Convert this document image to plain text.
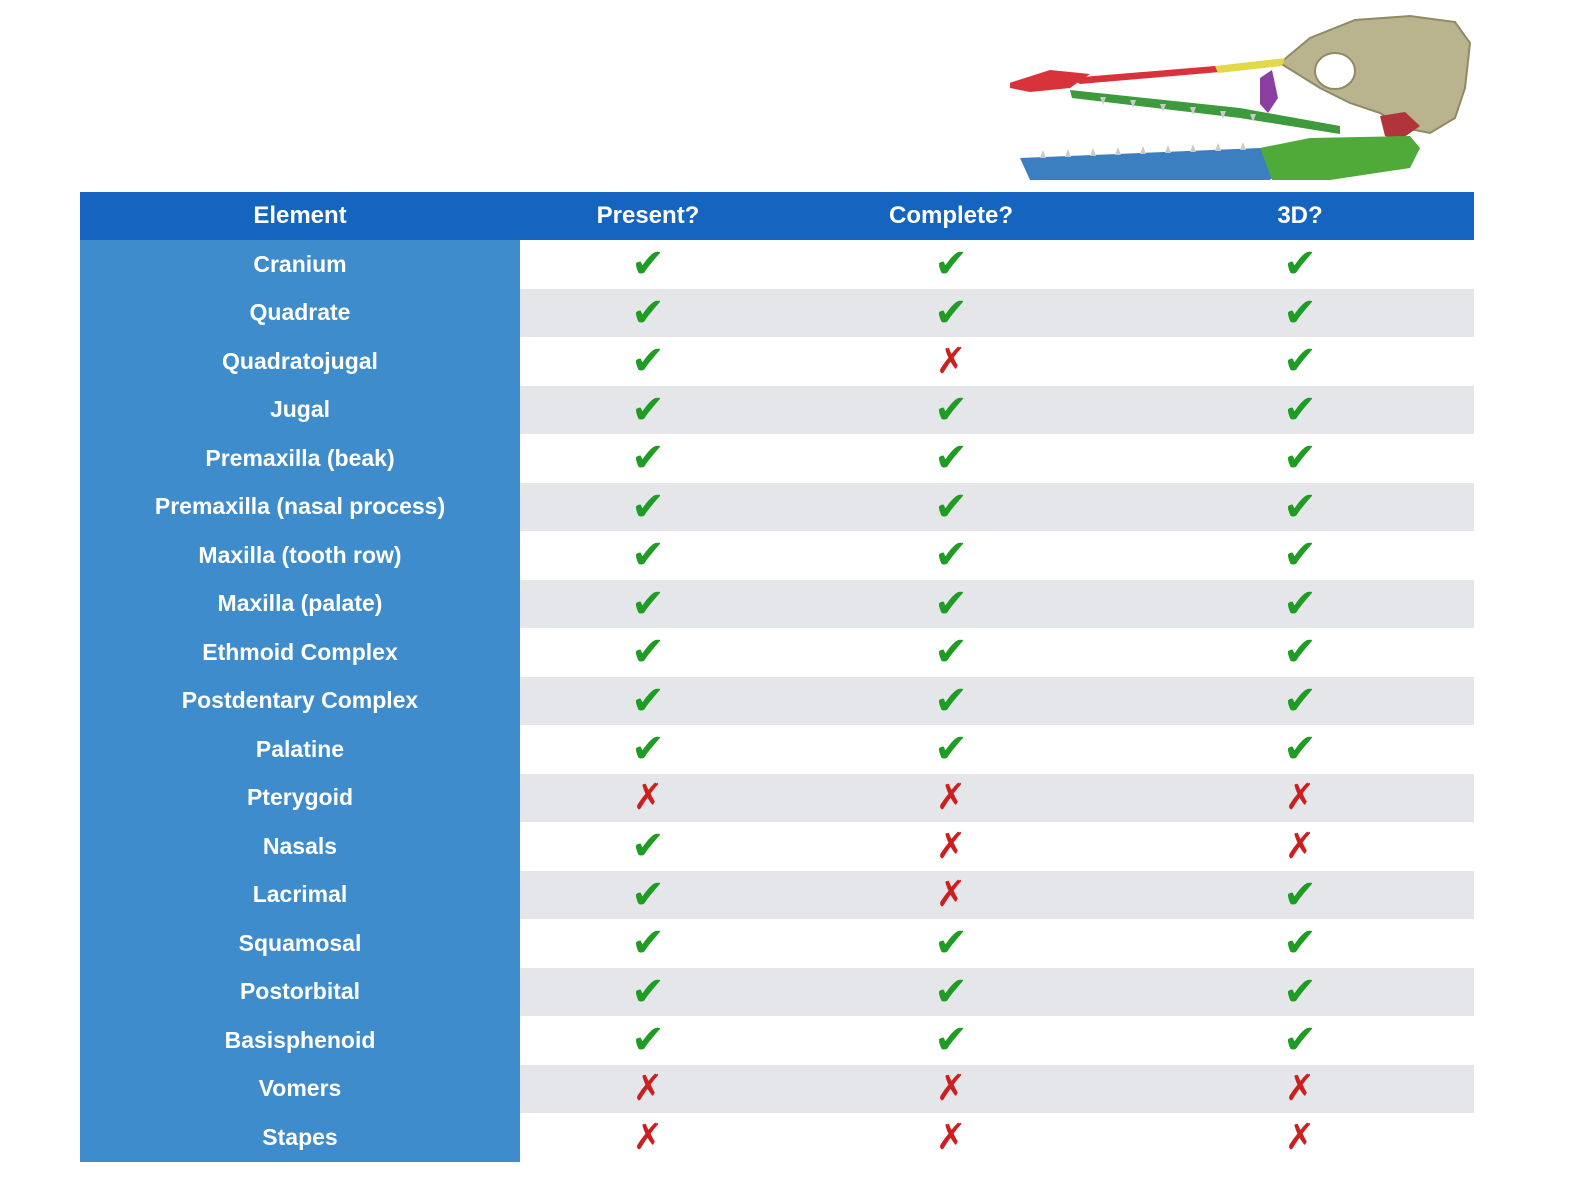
Element	Present?	Complete?	3D?
Cranium	✔	✔	✔
Quadrate	✔	✔	✔
Quadratojugal	✔	✗	✔
Jugal	✔	✔	✔
Premaxilla (beak)	✔	✔	✔
Premaxilla (nasal process)	✔	✔	✔
Maxilla (tooth row)	✔	✔	✔
Maxilla (palate)	✔	✔	✔
Ethmoid Complex	✔	✔	✔
Postdentary Complex	✔	✔	✔
Palatine	✔	✔	✔
Pterygoid	✗	✗	✗
Nasals	✔	✗	✗
Lacrimal	✔	✗	✔
Squamosal	✔	✔	✔
Postorbital	✔	✔	✔
Basisphenoid	✔	✔	✔
Vomers	✗	✗	✗
Stapes	✗	✗	✗
